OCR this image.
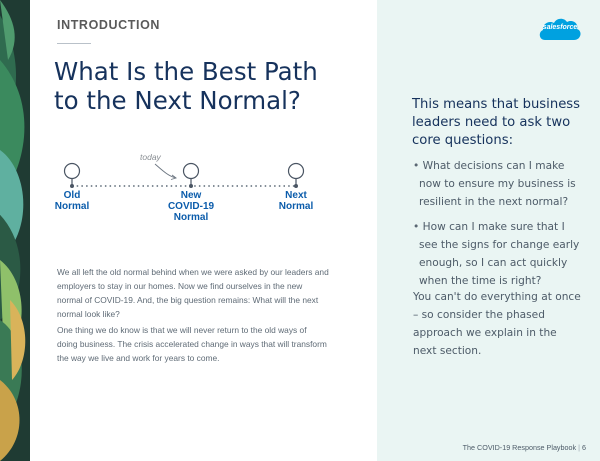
INTRODUCTION
What Is the Best Path
to the Next Normal?
today
Old
Normal
New
COVID-19
Normal
Next
Normal

We all left the old normal behind when we were asked by our leaders and employers to stay in our homes. Now we find ourselves in the new normal of COVID-19. And, the big question remains: What will the next normal look like?

One thing we do know is that we will never return to the old ways of doing business. The crisis accelerated change in ways that will transform the way we live and work for years to come.

salesforce
This means that business leaders need to ask two core questions:
• What decisions can I make now to ensure my business is resilient in the next normal?
• How can I make sure that I see the signs for change early enough, so I can act quickly when the time is right?

You can't do everything at once – so consider the phased approach we explain in the next section.

The COVID-19 Response Playbook | 6
